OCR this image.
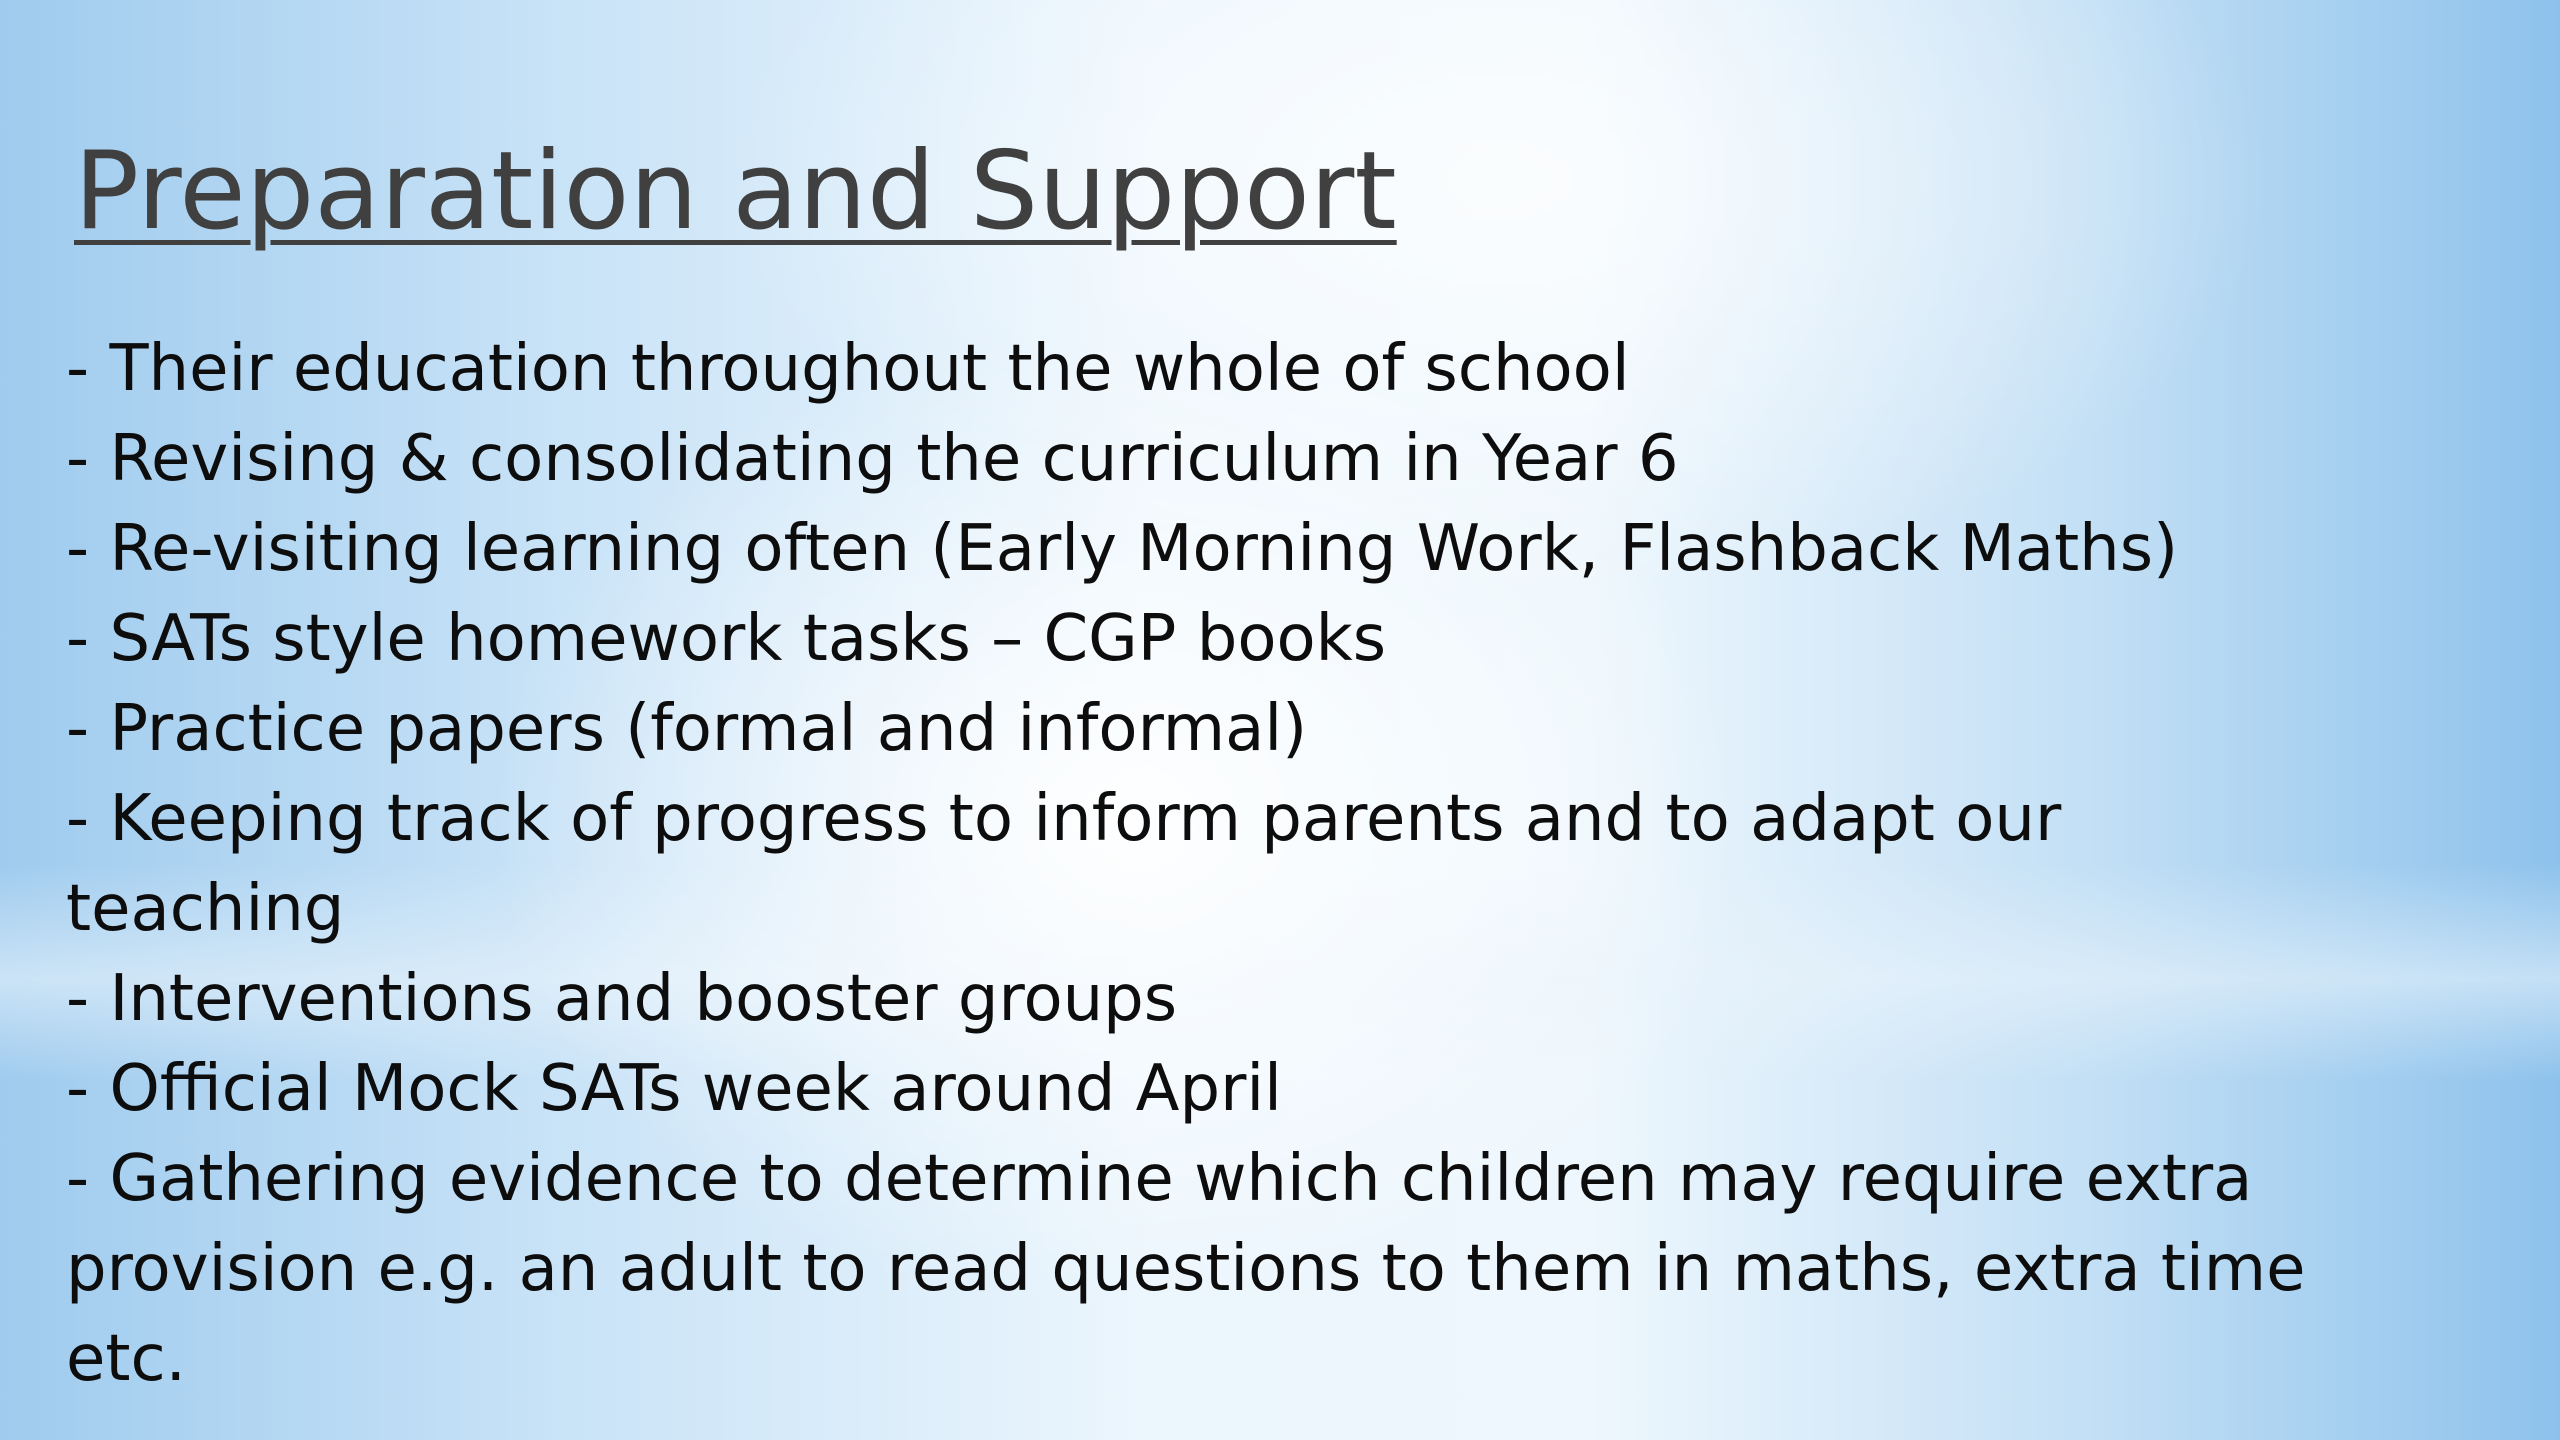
Preparation and Support
- Their education throughout the whole of school
- Revising & consolidating the curriculum in Year 6
- Re-visiting learning often (Early Morning Work, Flashback Maths)
- SATs style homework tasks – CGP books
- Practice papers (formal and informal)
- Keeping track of progress to inform parents and to adapt our
teaching
- Interventions and booster groups
- Official Mock SATs week around April
- Gathering evidence to determine which children may require extra
provision e.g. an adult to read questions to them in maths, extra time
etc.
